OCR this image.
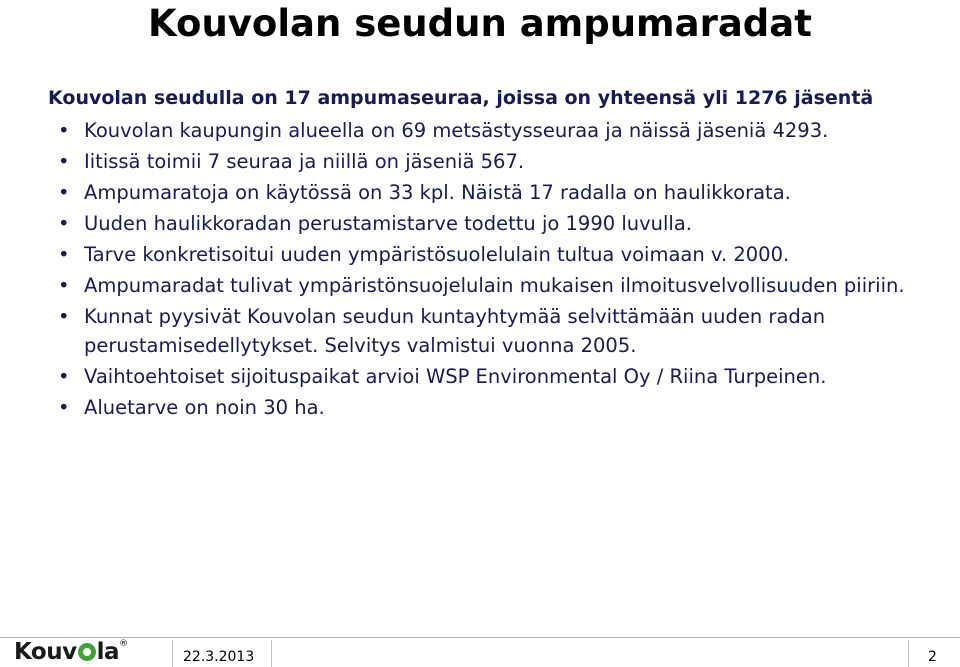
Kouvolan seudun ampumaradat
Kouvolan seudulla on 17 ampumaseuraa, joissa on yhteensä yli 1276 jäsentä
• Kouvolan kaupungin alueella on 69 metsästysseuraa ja näissä jäseniä 4293.
• Iitissä toimii 7 seuraa ja niillä on jäseniä 567.
• Ampumaratoja on käytössä on 33 kpl. Näistä 17 radalla on haulikkorata.
• Uuden haulikkoradan perustamistarve todettu jo 1990 luvulla.
• Tarve konkretisoitui uuden ympäristösuolelulain tultua voimaan v. 2000.
• Ampumaradat tulivat ympäristönsuojelulain mukaisen ilmoitusvelvollisuuden piiriin.
• Kunnat pyysivät Kouvolan seudun kuntayhtymää selvittämään uuden radan perustamisedellytykset. Selvitys valmistui vuonna 2005.
• Vaihtoehtoiset sijoituspaikat arvioi WSP Environmental Oy / Riina Turpeinen.
• Aluetarve on noin 30 ha.
Kouv la®
22.3.2013	2
